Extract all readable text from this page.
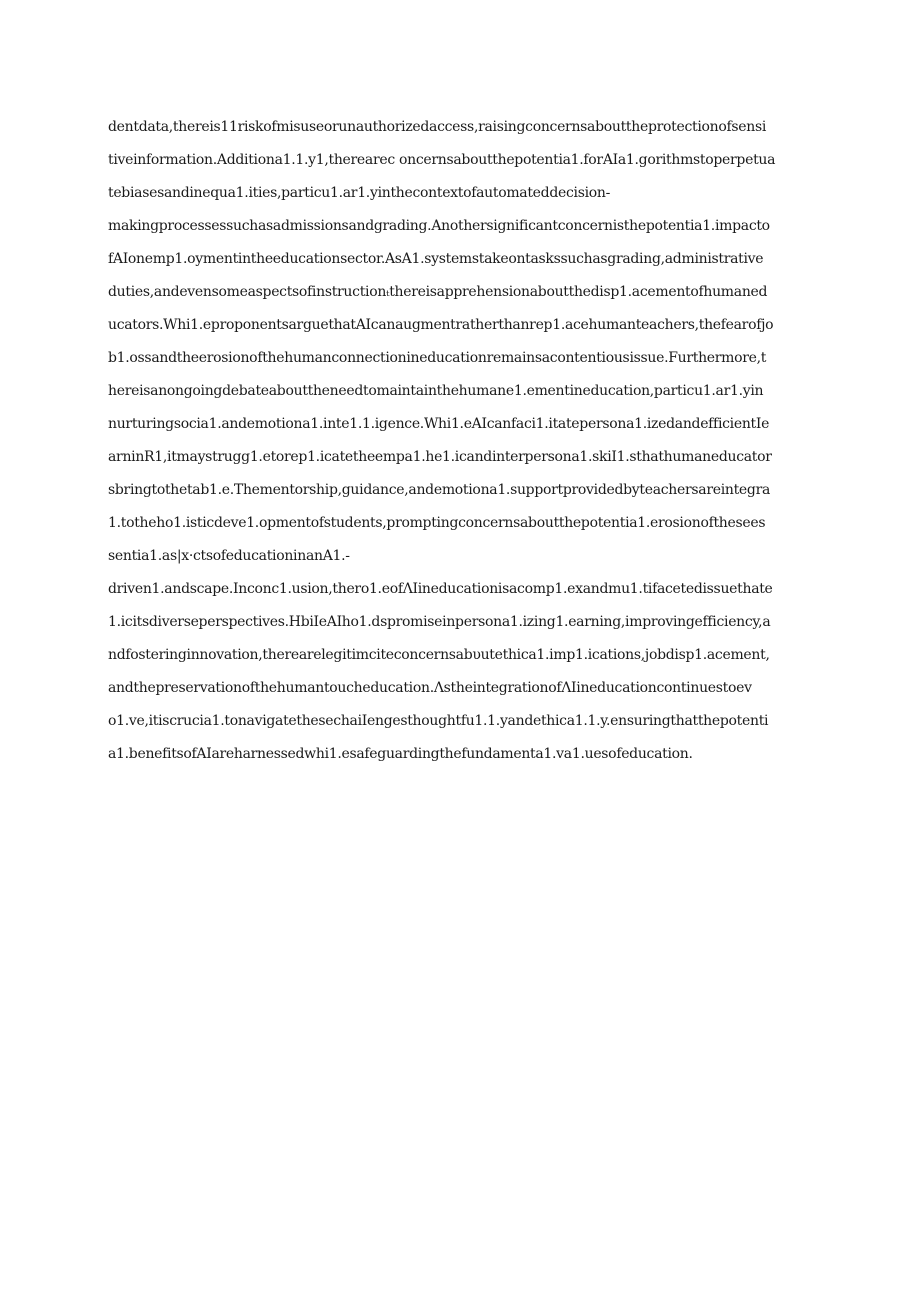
dentdata,thereis11riskofmisuseorunauthorizedaccess,raisingconcernsabouttheprotectionofsensi
tiveinformation.Additiona1.1.y1,therearec oncernsaboutthepotentia1.forAIa1.gorithmstoperpetua
tebiasesandinequa1.ities,particu1.ar1.yinthecontextofautomateddecision-
makingprocessessuchasadmissionsandgrading.Anothersignificantconcernisthepotentia1.impacto
fAIonemp1.oymentintheeducationsector.AsA1.systemstakeontaskssuchasgrading,administrative
duties,andevensomeaspectsofinstructionₜthereisapprehensionaboutthedisp1.acementofhumaned
ucators.Whi1.eproponentsarguethatAIcanaugmentratherthanrep1.acehumanteachers,thefearofjo
b1.ossandtheerosionofthehumanconnectionineducationremainsacontentiousissue.Furthermore,t
hereisanongoingdebateabouttheneedtomaintainthehumane1.ementineducation,particu1.ar1.yin
nurturingsocia1.andemotiona1.inte1.1.igence.Whi1.eAIcanfaci1.itatepersona1.izedandefficientIe
arninR1,itmaystrugg1.etorep1.icatetheempa1.he1.icandinterpersona1.skiI1.sthathumaneducator
sbringtothetab1.e.Thementorship,guidance,andemotiona1.supportprovidedbyteachersareintegra
1.totheho1.isticdeve1.opmentofstudents,promptingconcernsaboutthepotentia1.erosionofthesees
sentia1.as|x·ctsofeducationinanA1.-
driven1.andscape.Inconc1.usion,thero1.eofΛIineducationisacomp1.exandmu1.tifacetedissuethate
1.icitsdiverseperspectives.HbiIeAIho1.dspromiseinpersona1.izing1.earning,improvingefficiency,a
ndfosteringinnovation,therearelegitimciteconcernsabυutethica1.imp1.ications,jobdisp1.acement,
andthepreservationofthehumantoucheducation.ΛstheintegrationofΛIineducationcontinuestoev
o1.ve,itiscrucia1.tonavigatethesechaiIengesthoughtfu1.1.yandethica1.1.y.ensuringthatthepotenti
a1.benefitsofAIareharnessedwhi1.esafeguardingthefundamenta1.va1.uesofeducation.
